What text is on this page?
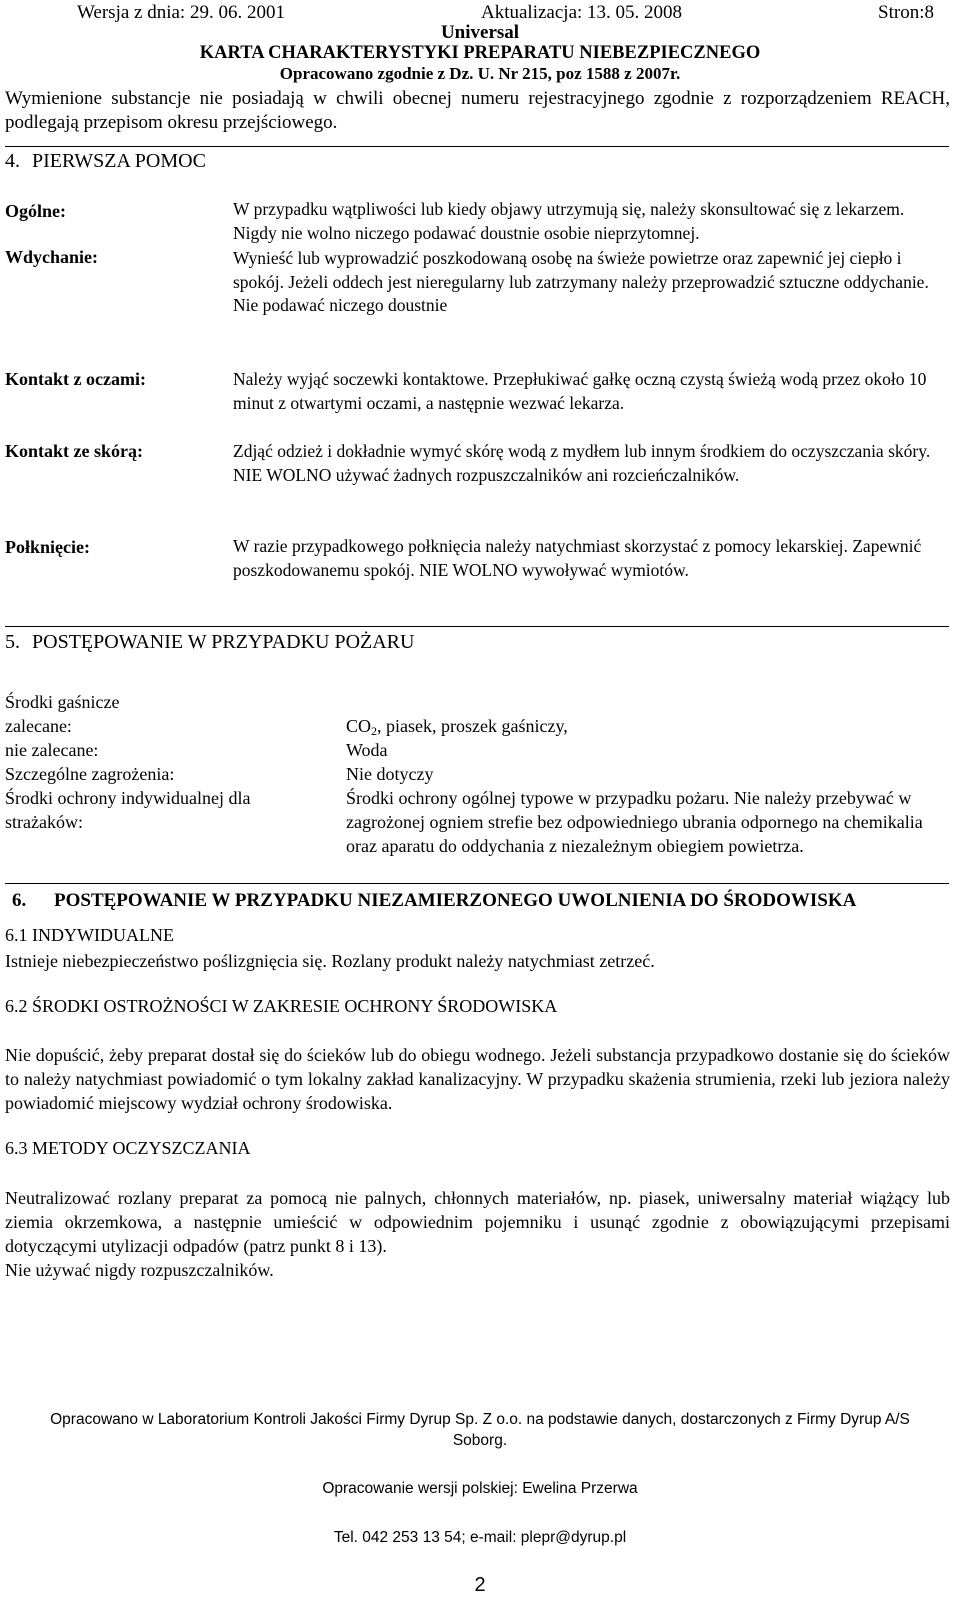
Wersja z dnia: 29. 06. 2001	Aktualizacja: 13. 05. 2008	Stron:8
Universal
KARTA CHARAKTERYSTYKI PREPARATU NIEBEZPIECZNEGO
Opracowano zgodnie z Dz. U. Nr 215, poz 1588 z 2007r.
Wymienione substancje nie posiadają w chwili obecnej numeru rejestracyjnego zgodnie z rozporządzeniem REACH, podlegają przepisom okresu przejściowego.
4. PIERWSZA POMOC
Ogólne:	W przypadku wątpliwości lub kiedy objawy utrzymują się, należy skonsultować się z lekarzem. Nigdy nie wolno niczego podawać doustnie osobie nieprzytomnej.
Wdychanie:	Wynieść lub wyprowadzić poszkodowaną osobę na świeże powietrze oraz zapewnić jej ciepło i spokój. Jeżeli oddech jest nieregularny lub zatrzymany należy przeprowadzić sztuczne oddychanie. Nie podawać niczego doustnie
Kontakt z oczami:	Należy wyjąć soczewki kontaktowe. Przepłukiwać gałkę oczną czystą świeżą wodą przez około 10 minut z otwartymi oczami, a następnie wezwać lekarza.
Kontakt ze skórą:	Zdjąć odzież i dokładnie wymyć skórę wodą z mydłem lub innym środkiem do oczyszczania skóry. NIE WOLNO używać żadnych rozpuszczalników ani rozcieńczalników.
Połknięcie:	W razie przypadkowego połknięcia należy natychmiast skorzystać z pomocy lekarskiej. Zapewnić poszkodowanemu spokój. NIE WOLNO wywoływać wymiotów.
5. POSTĘPOWANIE W PRZYPADKU POŻARU
Środki gaśnicze
zalecane:	$CO_2$, piasek, proszek gaśniczy,
nie zalecane:	Woda
Szczególne zagrożenia:	Nie dotyczy
Środki ochrony indywidualnej dla
strażaków:
Środki ochrony ogólnej typowe w przypadku pożaru. Nie należy przebywać w zagrożonej ogniem strefie bez odpowiedniego ubrania odpornego na chemikalia oraz aparatu do oddychania z niezależnym obiegiem powietrza.
6. POSTĘPOWANIE W PRZYPADKU NIEZAMIERZONEGO UWOLNIENIA DO ŚRODOWISKA
6.1 INDYWIDUALNE
Istnieje niebezpieczeństwo poślizgnięcia się. Rozlany produkt należy natychmiast zetrzeć.
6.2 ŚRODKI OSTROŻNOŚCI W ZAKRESIE OCHRONY ŚRODOWISKA
Nie dopuścić, żeby preparat dostał się do ścieków lub do obiegu wodnego. Jeżeli substancja przypadkowo dostanie się do ścieków to należy natychmiast powiadomić o tym lokalny zakład kanalizacyjny. W przypadku skażenia strumienia, rzeki lub jeziora należy powiadomić miejscowy wydział ochrony środowiska.
6.3 METODY OCZYSZCZANIA
Neutralizować rozlany preparat za pomocą nie palnych, chłonnych materiałów, np. piasek, uniwersalny materiał wiążący lub ziemia okrzemkowa, a następnie umieścić w odpowiednim pojemniku i usunąć zgodnie z obowiązującymi przepisami dotyczącymi utylizacji odpadów (patrz punkt 8 i 13).
Nie używać nigdy rozpuszczalników.
Opracowano w Laboratorium Kontroli Jakości Firmy Dyrup Sp. Z o.o. na podstawie danych, dostarczonych z Firmy Dyrup A/S Soborg.
Opracowanie wersji polskiej: Ewelina Przerwa
Tel. 042 253 13 54; e-mail: plepr@dyrup.pl
2
